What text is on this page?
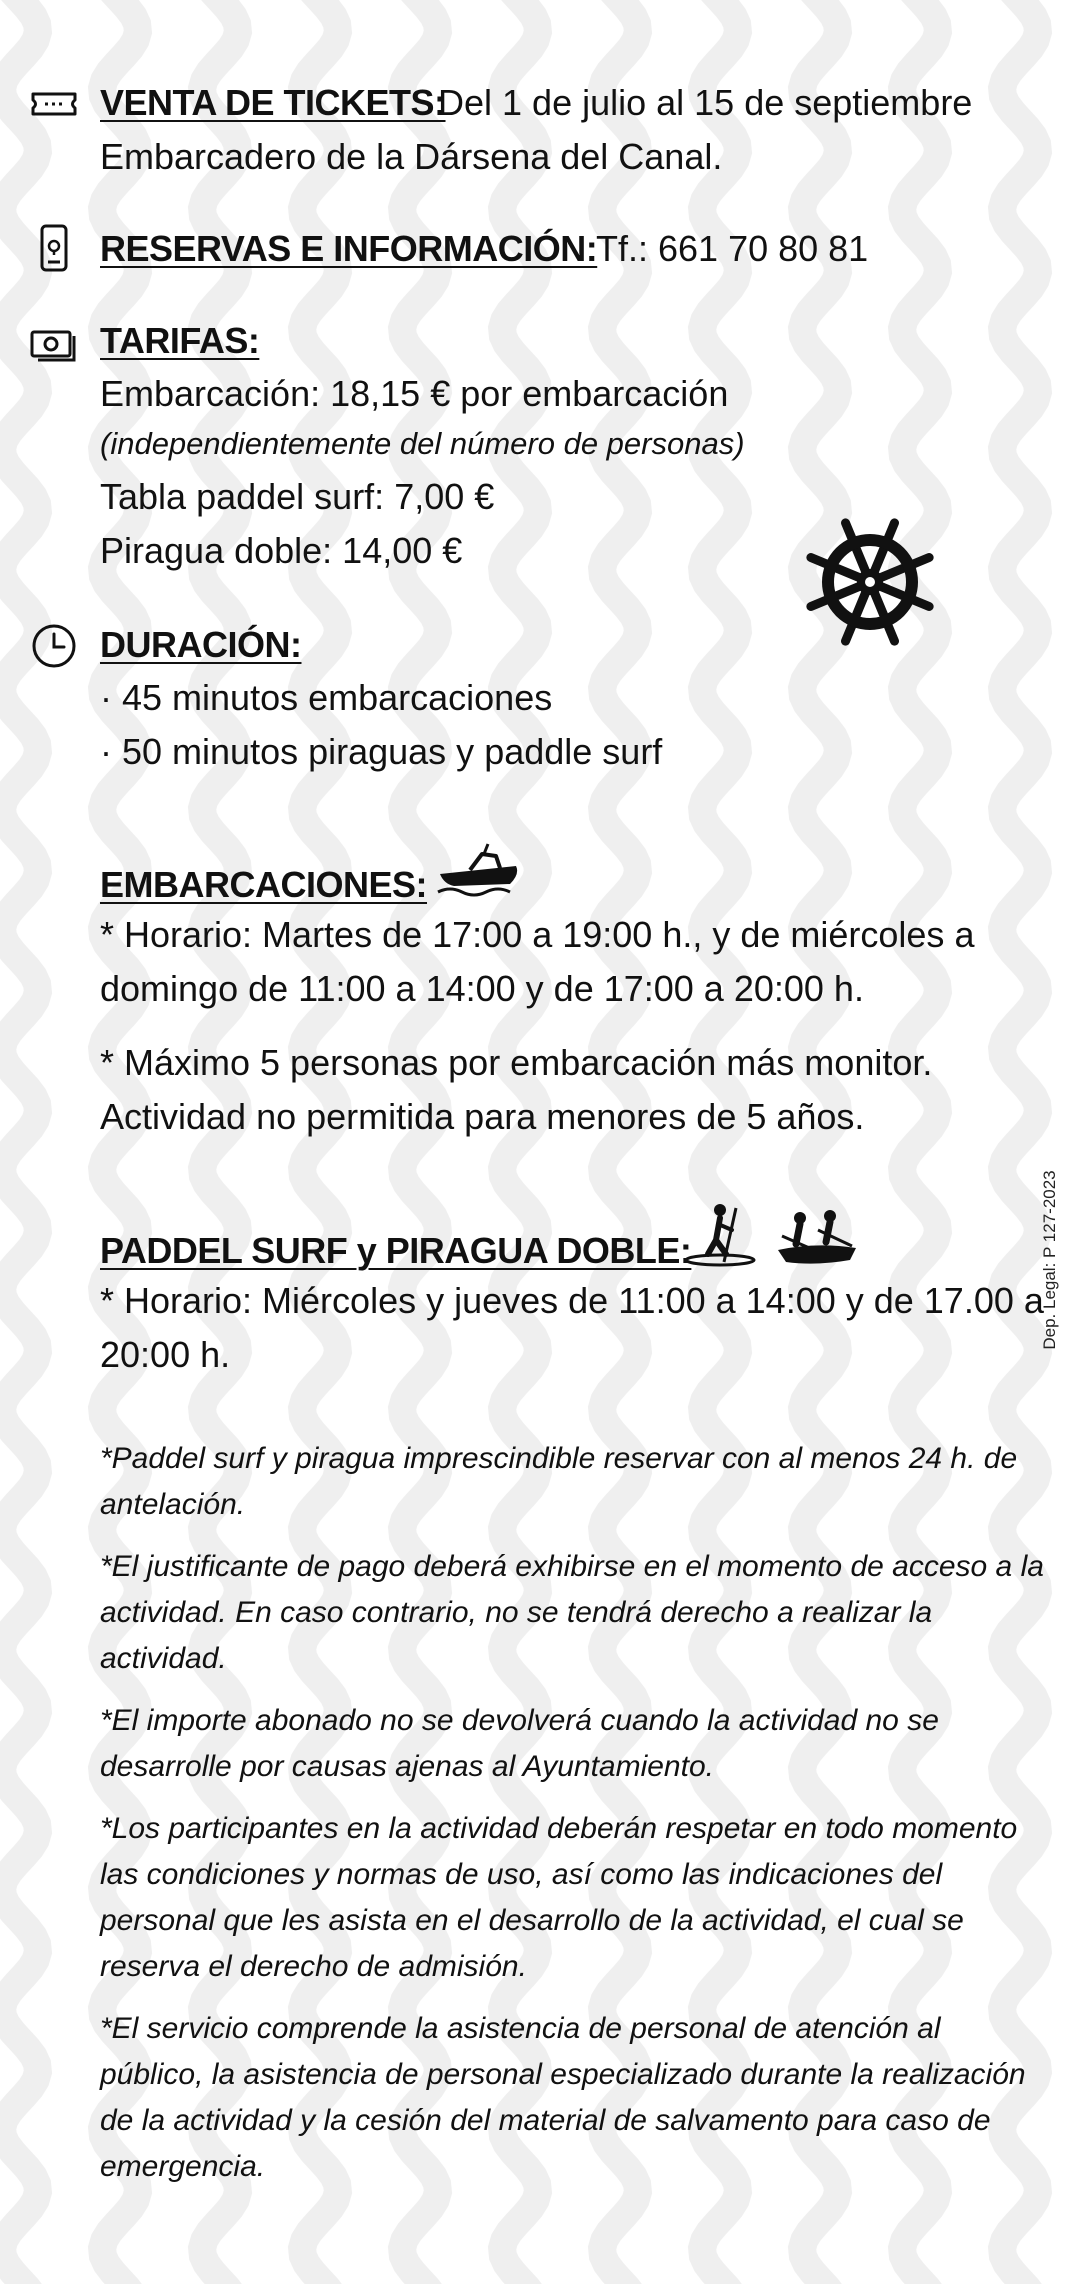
VENTA DE TICKETS:
Del 1 de julio al 15 de septiembre
Embarcadero de la Dársena del Canal.
RESERVAS E INFORMACIÓN:
Tf.: 661 70 80 81
TARIFAS:
Embarcación: 18,15 € por embarcación
(independientemente del número de personas)
Tabla paddel surf: 7,00 €
Piragua doble: 14,00 €
DURACIÓN:
· 45 minutos embarcaciones
· 50 minutos piraguas y paddle surf
EMBARCACIONES:
* Horario: Martes de 17:00 a 19:00 h., y de miércoles a domingo de 11:00 a 14:00 y de 17:00 a 20:00 h.
* Máximo 5 personas por embarcación más monitor. Actividad no permitida para menores de 5 años.
PADDEL SURF y PIRAGUA DOBLE:
* Horario: Miércoles y jueves de 11:00 a 14:00 y de 17.00 a 20:00 h.
*Paddel surf y piragua imprescindible reservar con al menos 24 h. de antelación.
*El justificante de pago deberá exhibirse en el momento de acceso a la actividad. En caso contrario, no se tendrá derecho a realizar la actividad.
*El importe abonado no se devolverá cuando la actividad no se desarrolle por causas ajenas al Ayuntamiento.
*Los participantes en la actividad deberán respetar en todo momento las condiciones y normas de uso, así como las indicaciones del personal que les asista en el desarrollo de la actividad, el cual se reserva el derecho de admisión.
*El servicio comprende la asistencia de personal de atención al público, la asistencia de personal especializado durante la realización de la actividad y la cesión del material de salvamento para caso de emergencia.
Dep. Legal: P 127-2023
